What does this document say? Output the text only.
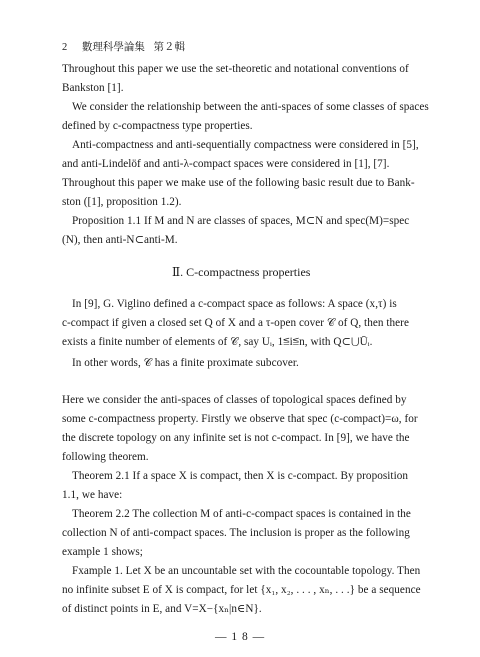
2 數理科學論集 第２輯
Throughout this paper we use the set-theoretic and notational conventions of
Bankston [1].
We consider the relationship between the anti-spaces of some classes of spaces
defined by c-compactness type properties.
Anti-compactness and anti-sequentially compactness were considered in [5],
and anti-Lindelöf and anti-λ-compact spaces were considered in [1], [7].
Throughout this paper we make use of the following basic result due to Bank-
ston ([1], proposition 1.2).
Proposition 1.1 If M and N are classes of spaces, M⊂N and spec(M)=spec
(N), then anti-N⊂anti-M.
Ⅱ. C-compactness properties
In [9], G. Viglino defined a c-compact space as follows: A space (x,τ) is
c-compact if given a closed set Q of X and a τ-open cover 𝒞 of Q, then there
exists a finite number of elements of 𝒞, say Uᵢ, 1≦i≦n, with Q⊂⋃Ūᵢ.
In other words, 𝒞 has a finite proximate subcover.
Here we consider the anti-spaces of classes of topological spaces defined by
some c-compactness property. Firstly we observe that spec (c-compact)=ω, for
the discrete topology on any infinite set is not c-compact. In [9], we have the
following theorem.
Theorem 2.1 If a space X is compact, then X is c-compact. By proposition
1.1, we have:
Theorem 2.2 The collection M of anti-c-compact spaces is contained in the
collection N of anti-compact spaces. The inclusion is proper as the following
example 1 shows;
Fxample 1. Let X be an uncountable set with the cocountable topology. Then
no infinite subset E of X is compact, for let {x₁, x₂, . . . , xₙ, . . .} be a sequence
of distinct points in E, and V=X−{xₙ|n∈N}.
— 1 8 —
